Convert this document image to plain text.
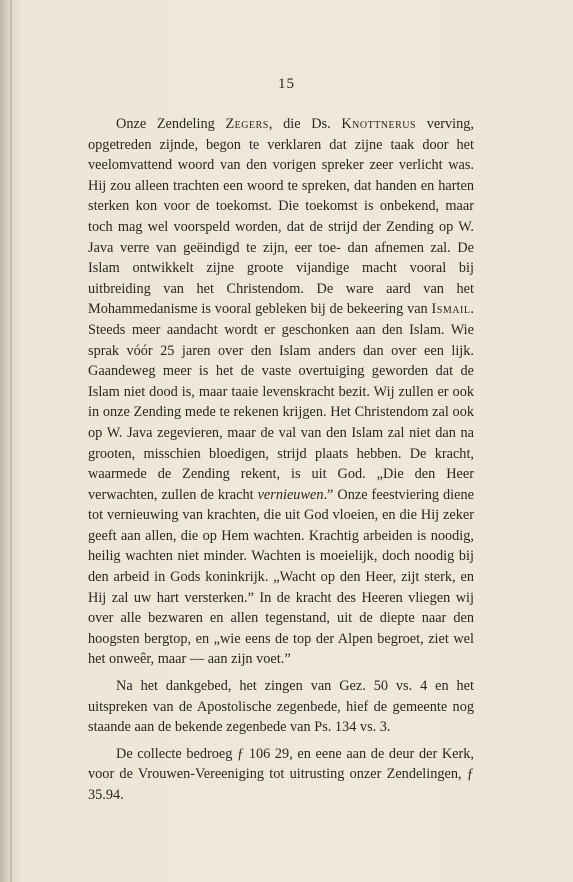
15

Onze Zendeling Zegers, die Ds. Knottnerus verving, opgetreden zijnde, begon te verklaren dat zijne taak door het veelomvattend woord van den vorigen spreker zeer verlicht was. Hij zou alleen trachten een woord te spreken, dat handen en harten sterken kon voor de toekomst. Die toekomst is onbekend, maar toch mag wel voorspeld worden, dat de strijd der Zending op W. Java verre van geëindigd te zijn, eer toe- dan afnemen zal. De Islam ontwikkelt zijne groote vijandige macht vooral bij uitbreiding van het Christendom. De ware aard van het Mohammedanisme is vooral gebleken bij de bekeering van Ismail. Steeds meer aandacht wordt er geschonken aan den Islam. Wie sprak vóór 25 jaren over den Islam anders dan over een lijk. Gaandeweg meer is het de vaste overtuiging geworden dat de Islam niet dood is, maar taaie levenskracht bezit. Wij zullen er ook in onze Zending mede te rekenen krijgen. Het Christendom zal ook op W. Java zegevieren, maar de val van den Islam zal niet dan na grooten, misschien bloedigen, strijd plaats hebben. De kracht, waarmede de Zending rekent, is uit God. „Die den Heer verwachten, zullen de kracht vernieuwen.” Onze feestviering diene tot vernieuwing van krachten, die uit God vloeien, en die Hij zeker geeft aan allen, die op Hem wachten. Krachtig arbeiden is noodig, heilig wachten niet minder. Wachten is moeielijk, doch noodig bij den arbeid in Gods koninkrijk. „Wacht op den Heer, zijt sterk, en Hij zal uw hart versterken.” In de kracht des Heeren vliegen wij over alle bezwaren en allen tegenstand, uit de diepte naar den hoogsten bergtop, en „wie eens de top der Alpen begroet, ziet wel het onweêr, maar — aan zijn voet.”

Na het dankgebed, het zingen van Gez. 50 vs. 4 en het uitspreken van de Apostolische zegenbede, hief de gemeente nog staande aan de bekende zegenbede van Ps. 134 vs. 3.

De collecte bedroeg ƒ 106 29, en eene aan de deur der Kerk, voor de Vrouwen-Vereeniging tot uitrusting onzer Zendelingen, ƒ 35.94.
